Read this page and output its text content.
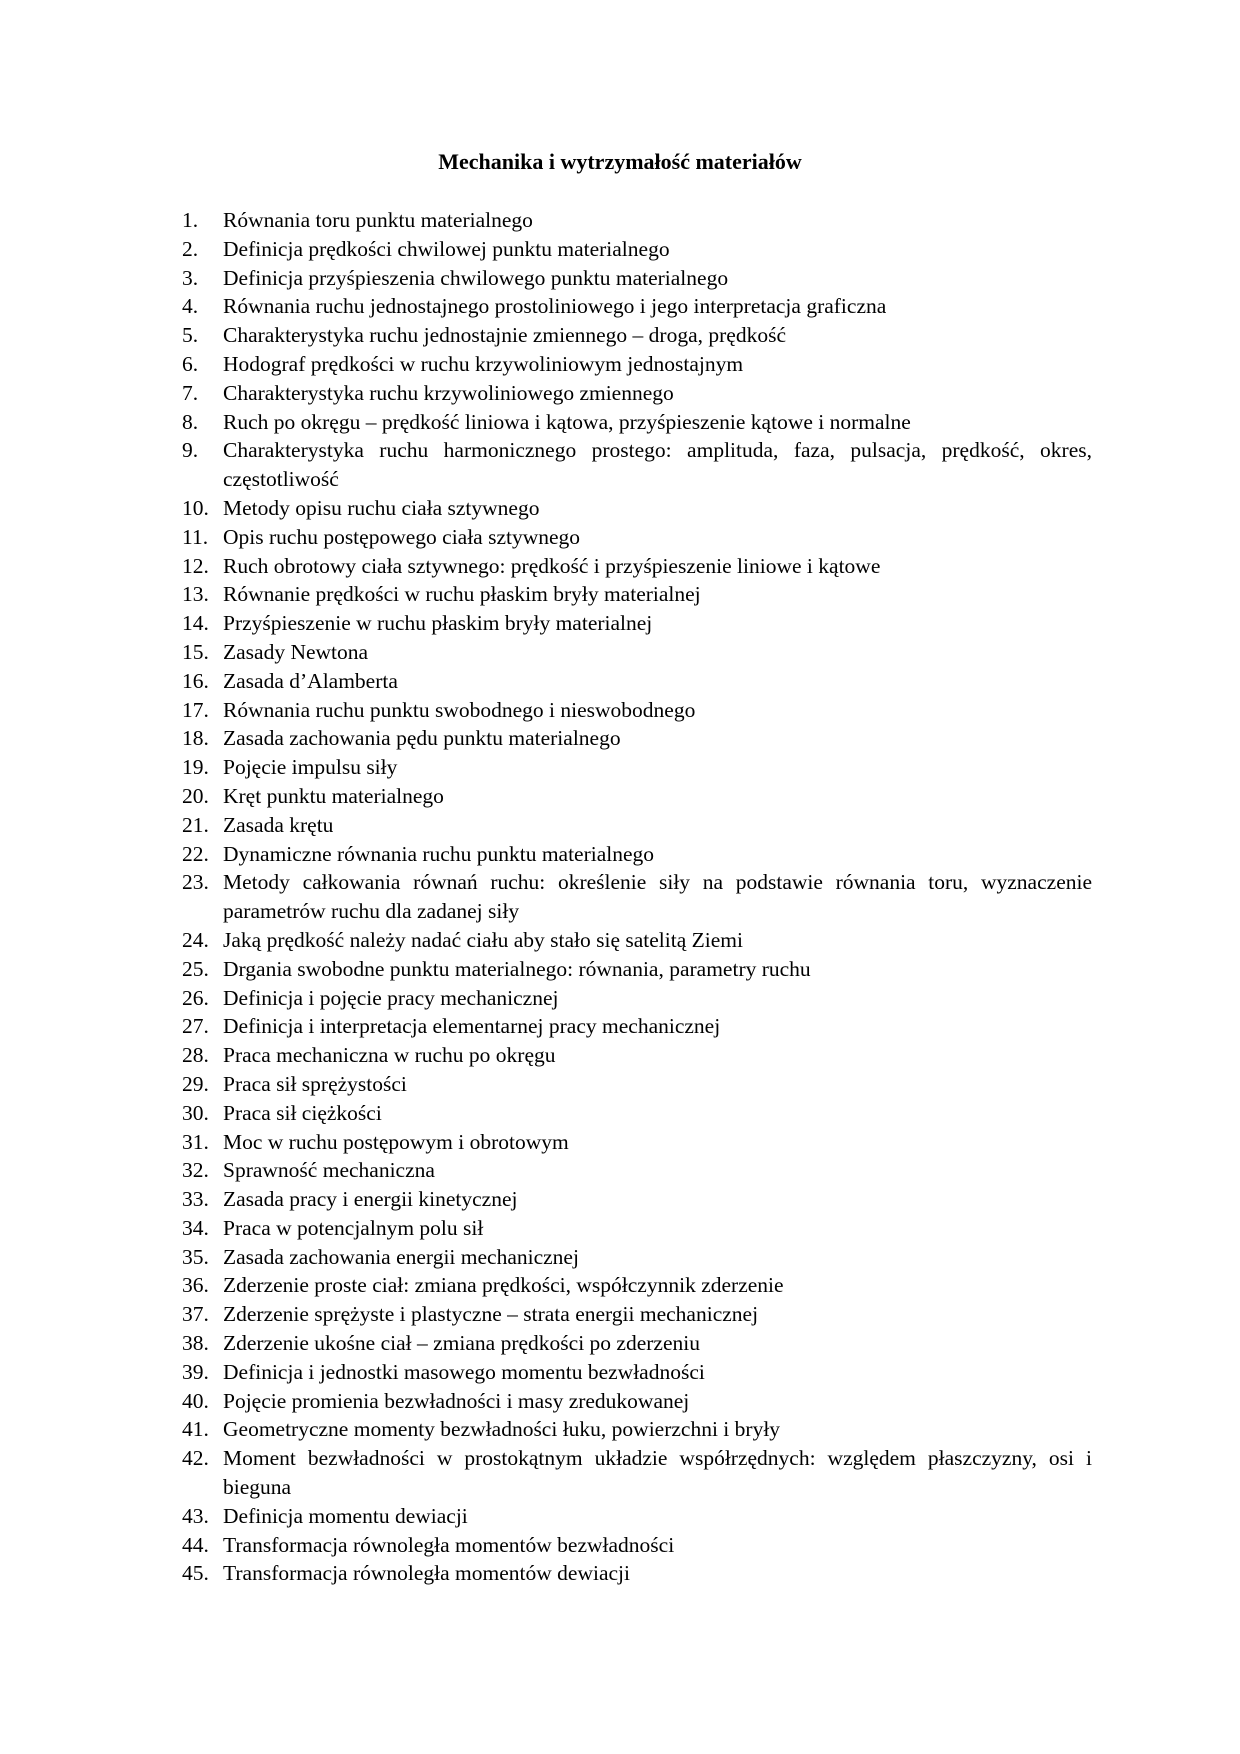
Mechanika i wytrzymałość materiałów
1. Równania toru punktu materialnego
2. Definicja prędkości chwilowej punktu materialnego
3. Definicja przyśpieszenia chwilowego punktu materialnego
4. Równania ruchu jednostajnego prostoliniowego i jego interpretacja graficzna
5. Charakterystyka ruchu jednostajnie zmiennego – droga, prędkość
6. Hodograf prędkości w ruchu krzywoliniowym jednostajnym
7. Charakterystyka ruchu krzywoliniowego zmiennego
8. Ruch po okręgu – prędkość liniowa i kątowa, przyśpieszenie kątowe i normalne
9. Charakterystyka ruchu harmonicznego prostego: amplituda, faza, pulsacja, prędkość, okres, częstotliwość
10. Metody opisu ruchu ciała sztywnego
11. Opis ruchu postępowego ciała sztywnego
12. Ruch obrotowy ciała sztywnego: prędkość i przyśpieszenie liniowe i kątowe
13. Równanie prędkości w ruchu płaskim bryły materialnej
14. Przyśpieszenie w ruchu płaskim bryły materialnej
15. Zasady Newtona
16. Zasada d’Alamberta
17. Równania ruchu punktu swobodnego i nieswobodnego
18. Zasada zachowania pędu punktu materialnego
19. Pojęcie impulsu siły
20. Kręt punktu materialnego
21. Zasada krętu
22. Dynamiczne równania ruchu punktu materialnego
23. Metody całkowania równań ruchu: określenie siły na podstawie równania toru, wyznaczenie parametrów ruchu dla zadanej siły
24. Jaką prędkość należy nadać ciału aby stało się satelitą Ziemi
25. Drgania swobodne punktu materialnego: równania, parametry ruchu
26. Definicja i pojęcie pracy mechanicznej
27. Definicja i interpretacja elementarnej pracy mechanicznej
28. Praca mechaniczna w ruchu po okręgu
29. Praca sił sprężystości
30. Praca sił ciężkości
31. Moc w ruchu postępowym i obrotowym
32. Sprawność mechaniczna
33. Zasada pracy i energii kinetycznej
34. Praca w potencjalnym polu sił
35. Zasada zachowania energii mechanicznej
36. Zderzenie proste ciał: zmiana prędkości, współczynnik zderzenie
37. Zderzenie sprężyste i plastyczne – strata energii mechanicznej
38. Zderzenie ukośne ciał – zmiana prędkości po zderzeniu
39. Definicja i jednostki masowego momentu bezwładności
40. Pojęcie promienia bezwładności i masy zredukowanej
41. Geometryczne momenty bezwładności łuku, powierzchni i bryły
42. Moment bezwładności w prostokątnym układzie współrzędnych: względem płaszczyzny, osi i bieguna
43. Definicja momentu dewiacji
44. Transformacja równoległa momentów bezwładności
45. Transformacja równoległa momentów dewiacji
